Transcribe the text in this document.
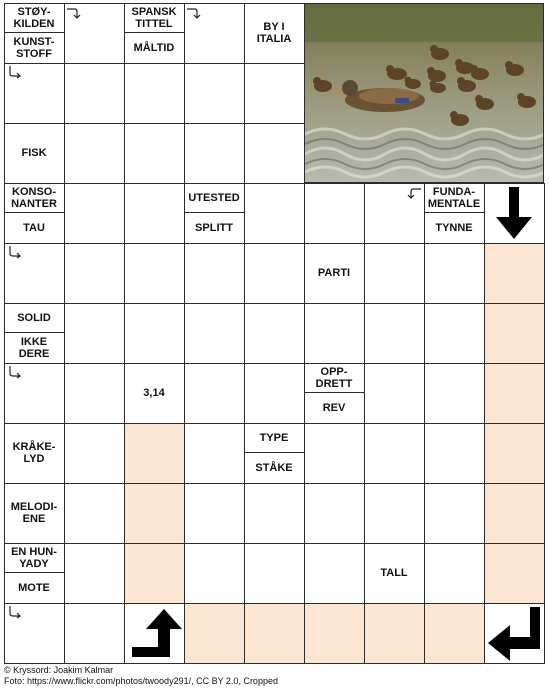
STØY-
KILDEN
KUNST-
STOFF
SPANSK
TITTEL
MÅLTID
BY I
ITALIA
FISK
KONSO-
NANTER
TAU
UTESTED
SPLITT
FUNDA-
MENTALE
TYNNE
PARTI
SOLID
IKKE
DERE
3,14
OPP-
DRETT
REV
KRÅKE-
LYD
TYPE
STÅKE
MELODI-
ENE
EN HUN-
YADY
MOTE
TALL
© Kryssord: Joakim Kalmar
Foto: https://www.flickr.com/photos/twoody291/, CC BY 2.0, Cropped
